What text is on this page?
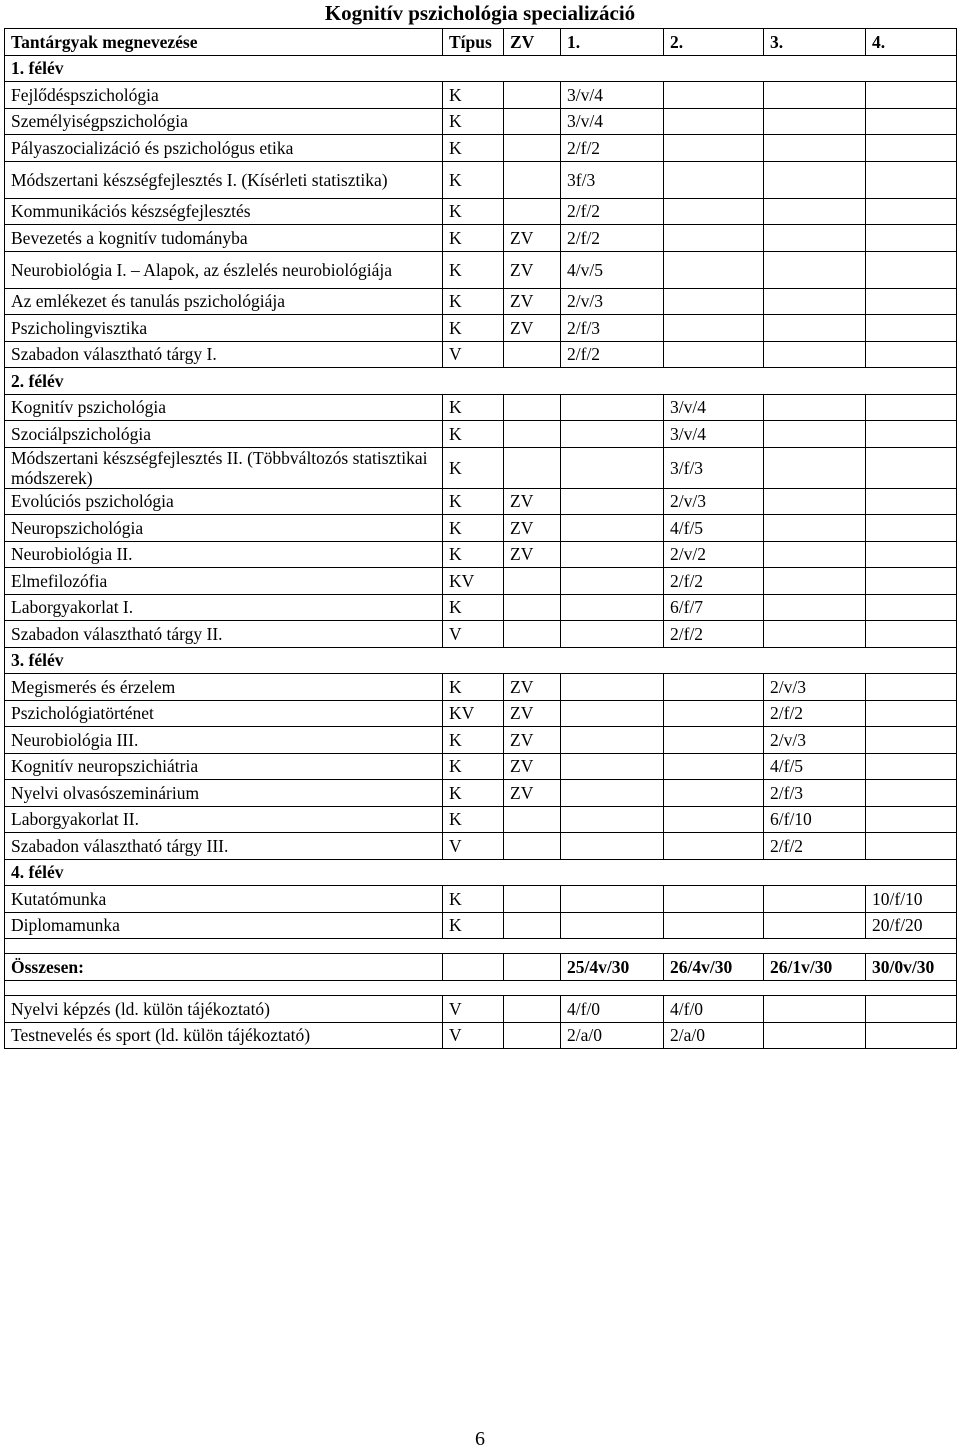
Kognitív pszichológia specializáció
Tantárgyak megnevezése	Típus	ZV	1.	2.	3.	4.
1. félév						
Fejlődéspszichológia	K		3/v/4			
Személyiségpszichológia	K		3/v/4			
Pályaszocializáció és pszichológus etika	K		2/f/2			
Módszertani készségfejlesztés I. (Kísérleti statisztika)	K		3f/3			
Kommunikációs készségfejlesztés	K		2/f/2			
Bevezetés a kognitív tudományba	K	ZV	2/f/2			
Neurobiológia I. – Alapok, az észlelés neurobiológiája	K	ZV	4/v/5			
Az emlékezet és tanulás pszichológiája	K	ZV	2/v/3			
Pszicholingvisztika	K	ZV	2/f/3			
Szabadon választható tárgy I.	V		2/f/2			
2. félév						
Kognitív pszichológia	K			3/v/4		
Szociálpszichológia	K			3/v/4		
Módszertani készségfejlesztés II. (Többváltozós statisztikai módszerek)	K			3/f/3		
Evolúciós pszichológia	K	ZV		2/v/3		
Neuropszichológia	K	ZV		4/f/5		
Neurobiológia II.	K	ZV		2/v/2		
Elmefilozófia	KV			2/f/2		
Laborgyakorlat I.	K			6/f/7		
Szabadon választható tárgy II.	V			2/f/2		
3. félév						
Megismerés és érzelem	K	ZV			2/v/3	
Pszichológiatörténet	KV	ZV			2/f/2	
Neurobiológia III.	K	ZV			2/v/3	
Kognitív neuropszichiátria	K	ZV			4/f/5	
Nyelvi olvasószeminárium	K	ZV			2/f/3	
Laborgyakorlat II.	K				6/f/10	
Szabadon választható tárgy III.	V				2/f/2	
4. félév						
Kutatómunka	K					10/f/10
Diplomamunka	K					20/f/20

Összesen:			25/4v/30	26/4v/30	26/1v/30	30/0v/30

Nyelvi képzés (ld. külön tájékoztató)	V		4/f/0	4/f/0		
Testnevelés és sport (ld. külön tájékoztató)	V		2/a/0	2/a/0		
6
